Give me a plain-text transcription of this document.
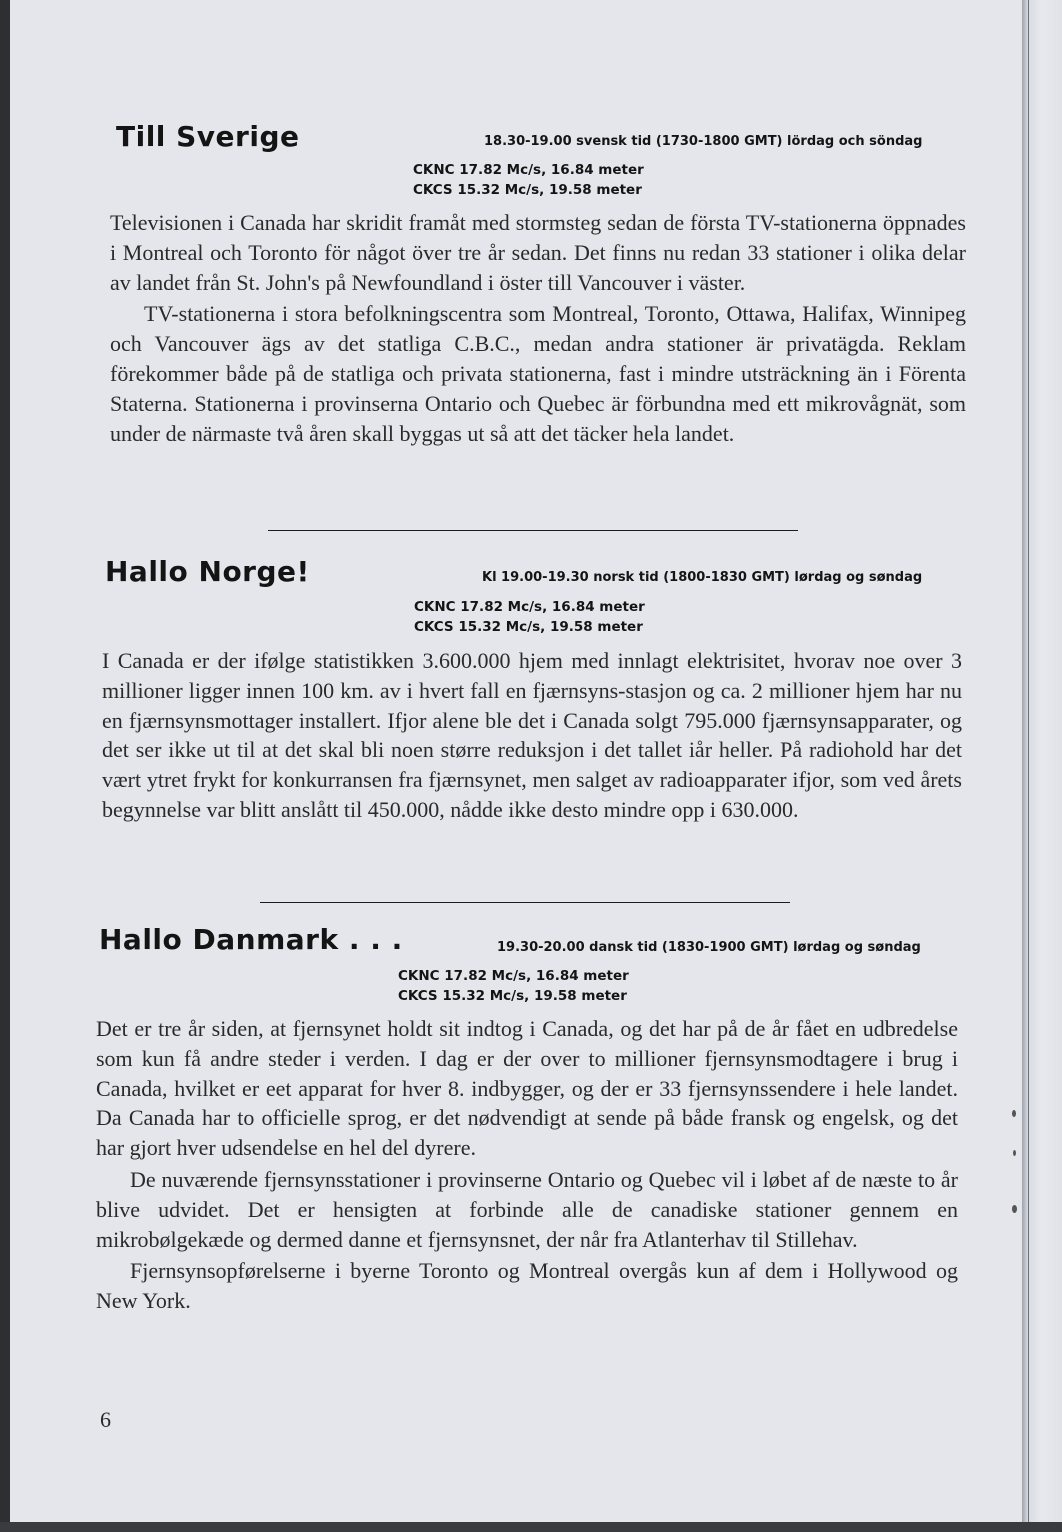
Till Sverige	18.30-19.00 svensk tid (1730-1800 GMT) lördag och söndag
CKNC 17.82 Mc/s, 16.84 meter
CKCS 15.32 Mc/s, 19.58 meter

Televisionen i Canada har skridit framåt med stormsteg sedan de första TV-stationerna öppnades i Montreal och Toronto för något över tre år sedan. Det finns nu redan 33 stationer i olika delar av landet från St. John's på Newfoundland i öster till Vancouver i väster.

TV-stationerna i stora befolkningscentra som Montreal, Toronto, Ottawa, Halifax, Winnipeg och Vancouver ägs av det statliga C.B.C., medan andra stationer är privatägda. Reklam förekommer både på de statliga och privata stationerna, fast i mindre utsträckning än i Förenta Staterna. Stationerna i provinserna Ontario och Quebec är förbundna med ett mikrovågnät, som under de närmaste två åren skall byggas ut så att det täcker hela landet.

Hallo Norge!	Kl 19.00-19.30 norsk tid (1800-1830 GMT) lørdag og søndag
CKNC 17.82 Mc/s, 16.84 meter
CKCS 15.32 Mc/s, 19.58 meter

I Canada er der ifølge statistikken 3.600.000 hjem med innlagt elektrisitet, hvorav noe over 3 millioner ligger innen 100 km. av i hvert fall en fjærnsyns-stasjon og ca. 2 millioner hjem har nu en fjærnsynsmottager installert. Ifjor alene ble det i Canada solgt 795.000 fjærnsynsapparater, og det ser ikke ut til at det skal bli noen større reduksjon i det tallet iår heller. På radiohold har det vært ytret frykt for konkurransen fra fjærnsynet, men salget av radioapparater ifjor, som ved årets begynnelse var blitt anslått til 450.000, nådde ikke desto mindre opp i 630.000.

Hallo Danmark . . .	19.30-20.00 dansk tid (1830-1900 GMT) lørdag og søndag
CKNC 17.82 Mc/s, 16.84 meter
CKCS 15.32 Mc/s, 19.58 meter

Det er tre år siden, at fjernsynet holdt sit indtog i Canada, og det har på de år fået en udbredelse som kun få andre steder i verden. I dag er der over to millioner fjernsynsmodtagere i brug i Canada, hvilket er eet apparat for hver 8. indbygger, og der er 33 fjernsynssendere i hele landet. Da Canada har to officielle sprog, er det nødvendigt at sende på både fransk og engelsk, og det har gjort hver udsendelse en hel del dyrere.

De nuværende fjernsynsstationer i provinserne Ontario og Quebec vil i løbet af de næste to år blive udvidet. Det er hensigten at forbinde alle de canadiske stationer gennem en mikrobølgekæde og dermed danne et fjernsynsnet, der når fra Atlanterhav til Stillehav.

Fjernsynsopførelserne i byerne Toronto og Montreal overgås kun af dem i Hollywood og New York.

6
